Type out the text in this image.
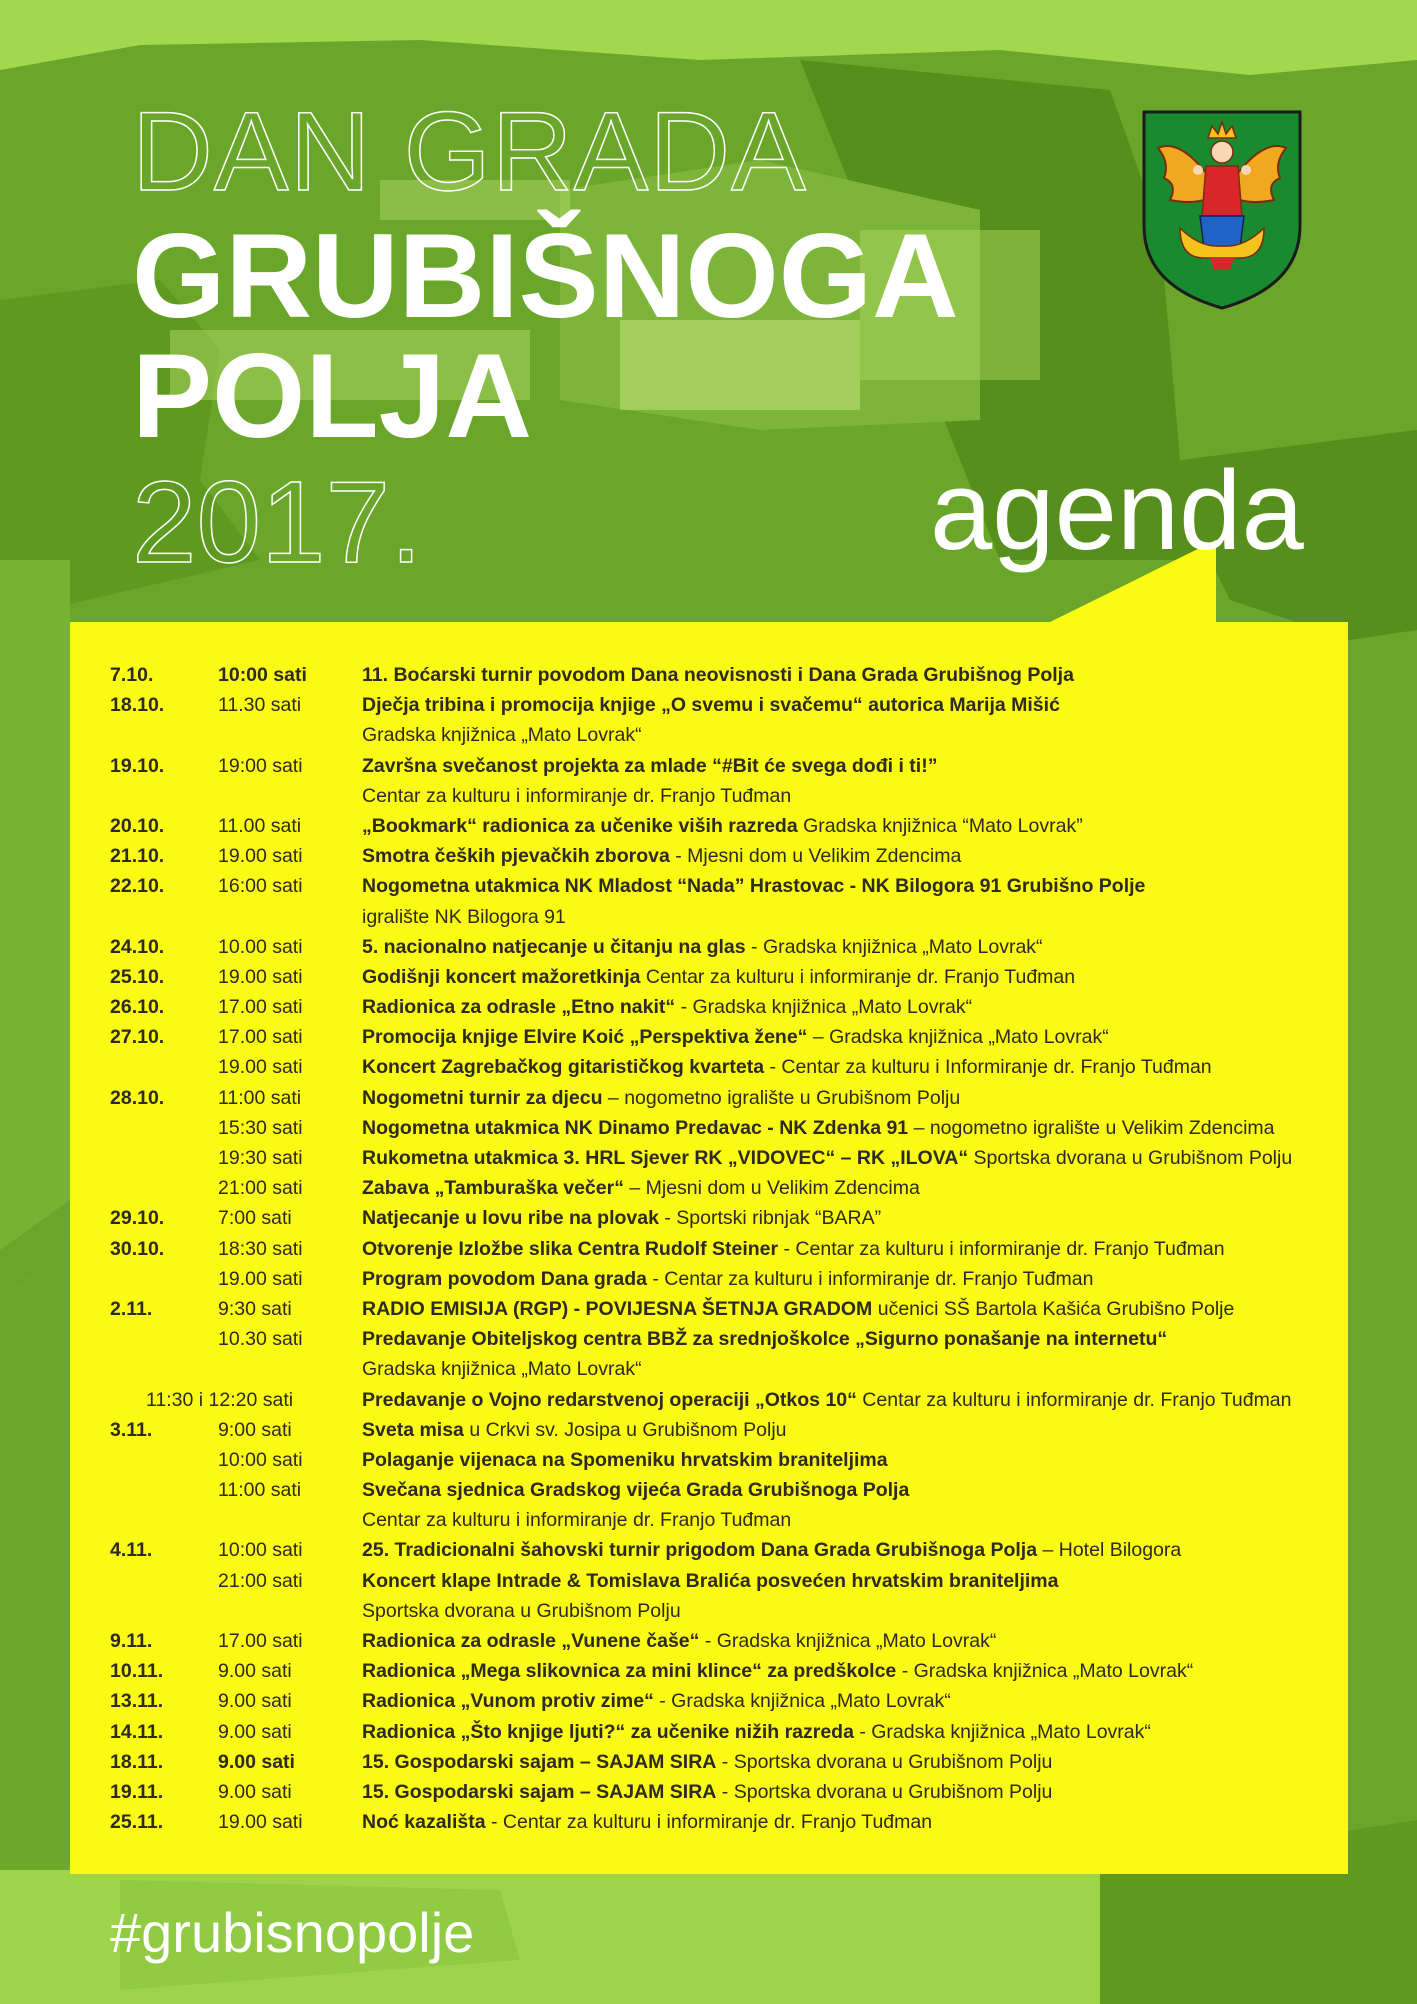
DAN GRADA
GRUBIŠNOGA
POLJA
2017.	agenda
7.10.	10:00 sati	11. Boćarski turnir povodom Dana neovisnosti i Dana Grada Grubišnog Polja
18.10.	11.30 sati	Dječja tribina i promocija knjige „O svemu i svačemu“ autorica Marija Mišić
Gradska knjižnica „Mato Lovrak“
19.10.	19:00 sati	Završna svečanost projekta za mlade “#Bit će svega dođi i ti!”
Centar za kulturu i informiranje dr. Franjo Tuđman
20.10.	11.00 sati	„Bookmark“ radionica za učenike viših razreda Gradska knjižnica “Mato Lovrak”
21.10.	19.00 sati	Smotra čeških pjevačkih zborova - Mjesni dom u Velikim Zdencima
22.10.	16:00 sati	Nogometna utakmica NK Mladost “Nada” Hrastovac - NK Bilogora 91 Grubišno Polje
igralište NK Bilogora 91
24.10.	10.00 sati	5. nacionalno natjecanje u čitanju na glas - Gradska knjižnica „Mato Lovrak“
25.10.	19.00 sati	Godišnji koncert mažoretkinja Centar za kulturu i informiranje dr. Franjo Tuđman
26.10.	17.00 sati	Radionica za odrasle „Etno nakit“ - Gradska knjižnica „Mato Lovrak“
27.10.	17.00 sati	Promocija knjige Elvire Koić „Perspektiva žene“ – Gradska knjižnica „Mato Lovrak“
19.00 sati	Koncert Zagrebačkog gitarističkog kvarteta - Centar za kulturu i Informiranje dr. Franjo Tuđman
28.10.	11:00 sati	Nogometni turnir za djecu – nogometno igralište u Grubišnom Polju
15:30 sati	Nogometna utakmica NK Dinamo Predavac - NK Zdenka 91 – nogometno igralište u Velikim Zdencima
19:30 sati	Rukometna utakmica 3. HRL Sjever RK „VIDOVEC“ – RK „ILOVA“ Sportska dvorana u Grubišnom Polju
21:00 sati	Zabava „Tamburaška večer“ – Mjesni dom u Velikim Zdencima
29.10.	7:00 sati	Natjecanje u lovu ribe na plovak - Sportski ribnjak “BARA”
30.10.	18:30 sati	Otvorenje Izložbe slika Centra Rudolf Steiner - Centar za kulturu i informiranje dr. Franjo Tuđman
19.00 sati	Program povodom Dana grada - Centar za kulturu i informiranje dr. Franjo Tuđman
2.11.	9:30 sati	RADIO EMISIJA (RGP) - POVIJESNA ŠETNJA GRADOM učenici SŠ Bartola Kašića Grubišno Polje
10.30 sati	Predavanje Obiteljskog centra BBŽ za srednjoškolce „Sigurno ponašanje na internetu“
Gradska knjižnica „Mato Lovrak“
11:30 i 12:20 sati	Predavanje o Vojno redarstvenoj operaciji „Otkos 10“ Centar za kulturu i informiranje dr. Franjo Tuđman
3.11.	9:00 sati	Sveta misa u Crkvi sv. Josipa u Grubišnom Polju
10:00 sati	Polaganje vijenaca na Spomeniku hrvatskim braniteljima
11:00 sati	Svečana sjednica Gradskog vijeća Grada Grubišnoga Polja
Centar za kulturu i informiranje dr. Franjo Tuđman
4.11.	10:00 sati	25. Tradicionalni šahovski turnir prigodom Dana Grada Grubišnoga Polja – Hotel Bilogora
21:00 sati	Koncert klape Intrade & Tomislava Bralića posvećen hrvatskim braniteljima
Sportska dvorana u Grubišnom Polju
9.11.	17.00 sati	Radionica za odrasle „Vunene čaše“ - Gradska knjižnica „Mato Lovrak“
10.11.	9.00 sati	Radionica „Mega slikovnica za mini klince“ za predškolce - Gradska knjižnica „Mato Lovrak“
13.11.	9.00 sati	Radionica „Vunom protiv zime“ - Gradska knjižnica „Mato Lovrak“
14.11.	9.00 sati	Radionica „Što knjige ljuti?“ za učenike nižih razreda - Gradska knjižnica „Mato Lovrak“
18.11.	9.00 sati	15. Gospodarski sajam – SAJAM SIRA - Sportska dvorana u Grubišnom Polju
19.11.	9.00 sati	15. Gospodarski sajam – SAJAM SIRA - Sportska dvorana u Grubišnom Polju
25.11.	19.00 sati	Noć kazališta - Centar za kulturu i informiranje dr. Franjo Tuđman
#grubisnopolje
